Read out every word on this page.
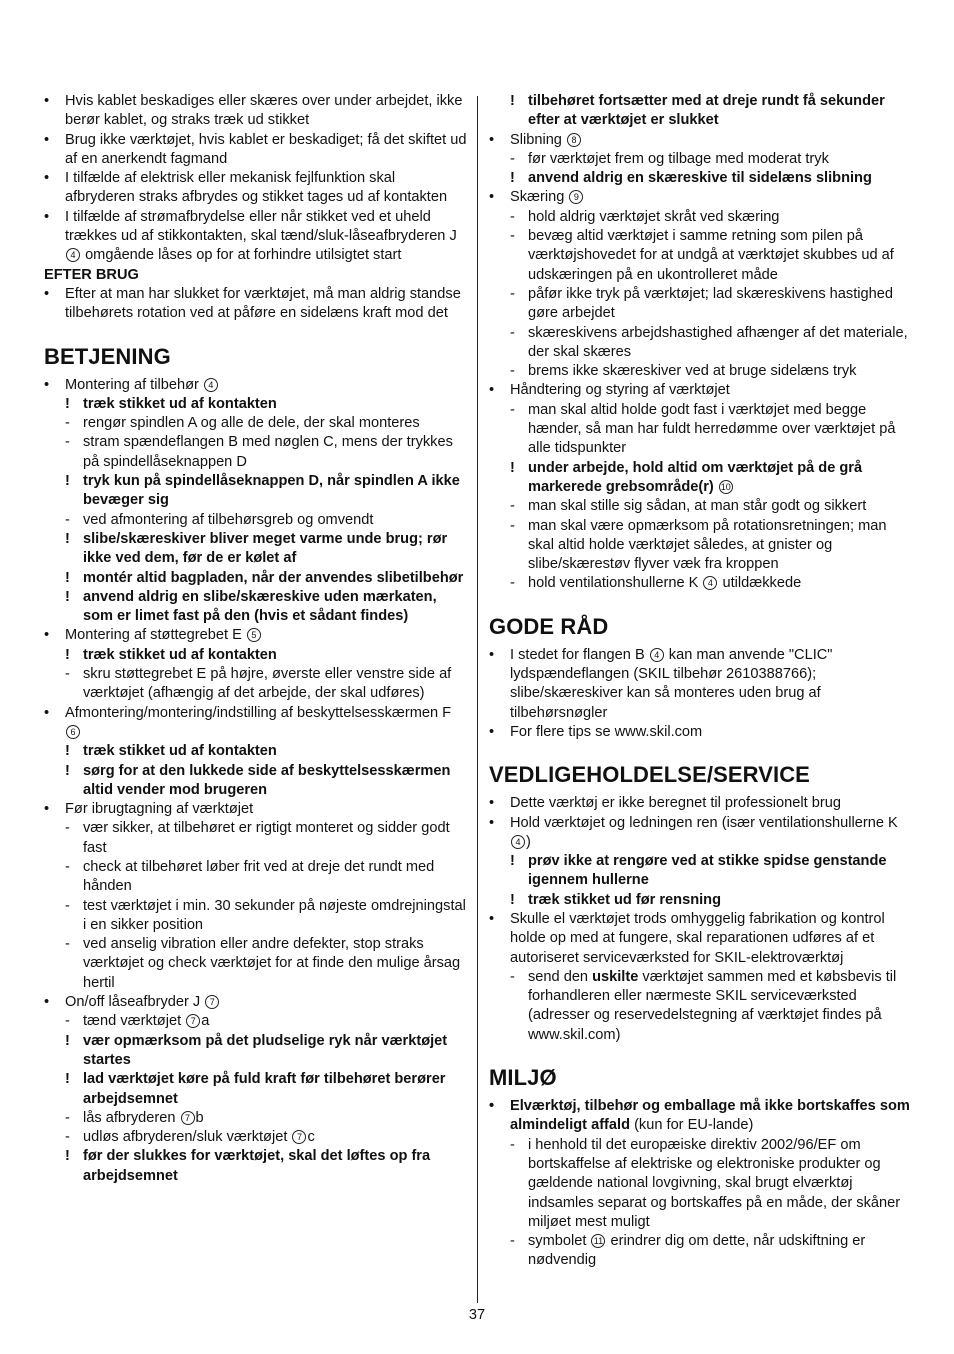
• Hvis kablet beskadiges eller skæres over under arbejdet, ikke berør kablet, og straks træk ud stikket
• Brug ikke værktøjet, hvis kablet er beskadiget; få det skiftet ud af en anerkendt fagmand
• I tilfælde af elektrisk eller mekanisk fejlfunktion skal afbryderen straks afbrydes og stikket tages ud af kontakten
• I tilfælde af strømafbrydelse eller når stikket ved et uheld trækkes ud af stikkontakten, skal tænd/sluk-låseafbryderen J 4 omgående låses op for at forhindre utilsigtet start
EFTER BRUG
• Efter at man har slukket for værktøjet, må man aldrig standse tilbehørets rotation ved at påføre en sidelæns kraft mod det
BETJENING
• Montering af tilbehør 4
! træk stikket ud af kontakten
- rengør spindlen A og alle de dele, der skal monteres
- stram spændeflangen B med nøglen C, mens der trykkes på spindellåseknappen D
! tryk kun på spindellåseknappen D, når spindlen A ikke bevæger sig
- ved afmontering af tilbehørsgreb og omvendt
! slibe/skæreskiver bliver meget varme unde brug; rør ikke ved dem, før de er kølet af
! montér altid bagpladen, når der anvendes slibetilbehør
! anvend aldrig en slibe/skæreskive uden mærkaten, som er limet fast på den (hvis et sådant findes)
• Montering af støttegrebet E 5
! træk stikket ud af kontakten
- skru støttegrebet E på højre, øverste eller venstre side af værktøjet (afhængig af det arbejde, der skal udføres)
• Afmontering/montering/indstilling af beskyttelsesskærmen F 6
! træk stikket ud af kontakten
! sørg for at den lukkede side af beskyttelsesskærmen altid vender mod brugeren
• Før ibrugtagning af værktøjet
- vær sikker, at tilbehøret er rigtigt monteret og sidder godt fast
- check at tilbehøret løber frit ved at dreje det rundt med hånden
- test værktøjet i min. 30 sekunder på nøjeste omdrejningstal i en sikker position
- ved anselig vibration eller andre defekter, stop straks værktøjet og check værktøjet for at finde den mulige årsag hertil
• On/off låseafbryder J 7
- tænd værktøjet 7 a
! vær opmærksom på det pludselige ryk når værktøjet startes
! lad værktøjet køre på fuld kraft før tilbehøret berører arbejdsemnet
- lås afbryderen 7 b
- udløs afbryderen/sluk værktøjet 7 c
! før der slukkes for værktøjet, skal det løftes op fra arbejdsemnet
! tilbehøret fortsætter med at dreje rundt få sekunder efter at værktøjet er slukket
• Slibning 8
- før værktøjet frem og tilbage med moderat tryk
! anvend aldrig en skæreskive til sidelæns slibning
• Skæring 9
- hold aldrig værktøjet skråt ved skæring
- bevæg altid værktøjet i samme retning som pilen på værktøjshovedet for at undgå at værktøjet skubbes ud af udskæringen på en ukontrolleret måde
- påfør ikke tryk på værktøjet; lad skæreskivens hastighed gøre arbejdet
- skæreskivens arbejdshastighed afhænger af det materiale, der skal skæres
- brems ikke skæreskiver ved at bruge sidelæns tryk
• Håndtering og styring af værktøjet
- man skal altid holde godt fast i værktøjet med begge hænder, så man har fuldt herredømme over værktøjet på alle tidspunkter
! under arbejde, hold altid om værktøjet på de grå markerede grebsområde(r) 10
- man skal stille sig sådan, at man står godt og sikkert
- man skal være opmærksom på rotationsretningen; man skal altid holde værktøjet således, at gnister og slibe/skærestøv flyver væk fra kroppen
- hold ventilationshullerne K 4 utildækkede
GODE RÅD
• I stedet for flangen B 4 kan man anvende "CLIC" lydspændeflangen (SKIL tilbehør 2610388766); slibe/skæreskiver kan så monteres uden brug af tilbehørsnøgler
• For flere tips se www.skil.com
VEDLIGEHOLDELSE/SERVICE
• Dette værktøj er ikke beregnet til professionelt brug
• Hold værktøjet og ledningen ren (især ventilationshullerne K 4 )
! prøv ikke at rengøre ved at stikke spidse genstande igennem hullerne
! træk stikket ud før rensning
• Skulle el værktøjet trods omhyggelig fabrikation og kontrol holde op med at fungere, skal reparationen udføres af et autoriseret serviceværksted for SKIL-elektroværktøj
- send den uskilte værktøjet sammen med et købsbevis til forhandleren eller nærmeste SKIL serviceværksted (adresser og reservedelstegning af værktøjet findes på www.skil.com)
MILJØ
• Elværktøj, tilbehør og emballage må ikke bortskaffes som almindeligt affald (kun for EU-lande)
- i henhold til det europæiske direktiv 2002/96/EF om bortskaffelse af elektriske og elektroniske produkter og gældende national lovgivning, skal brugt elværktøj indsamles separat og bortskaffes på en måde, der skåner miljøet mest muligt
- symbolet 11 erindrer dig om dette, når udskiftning er nødvendig
37
